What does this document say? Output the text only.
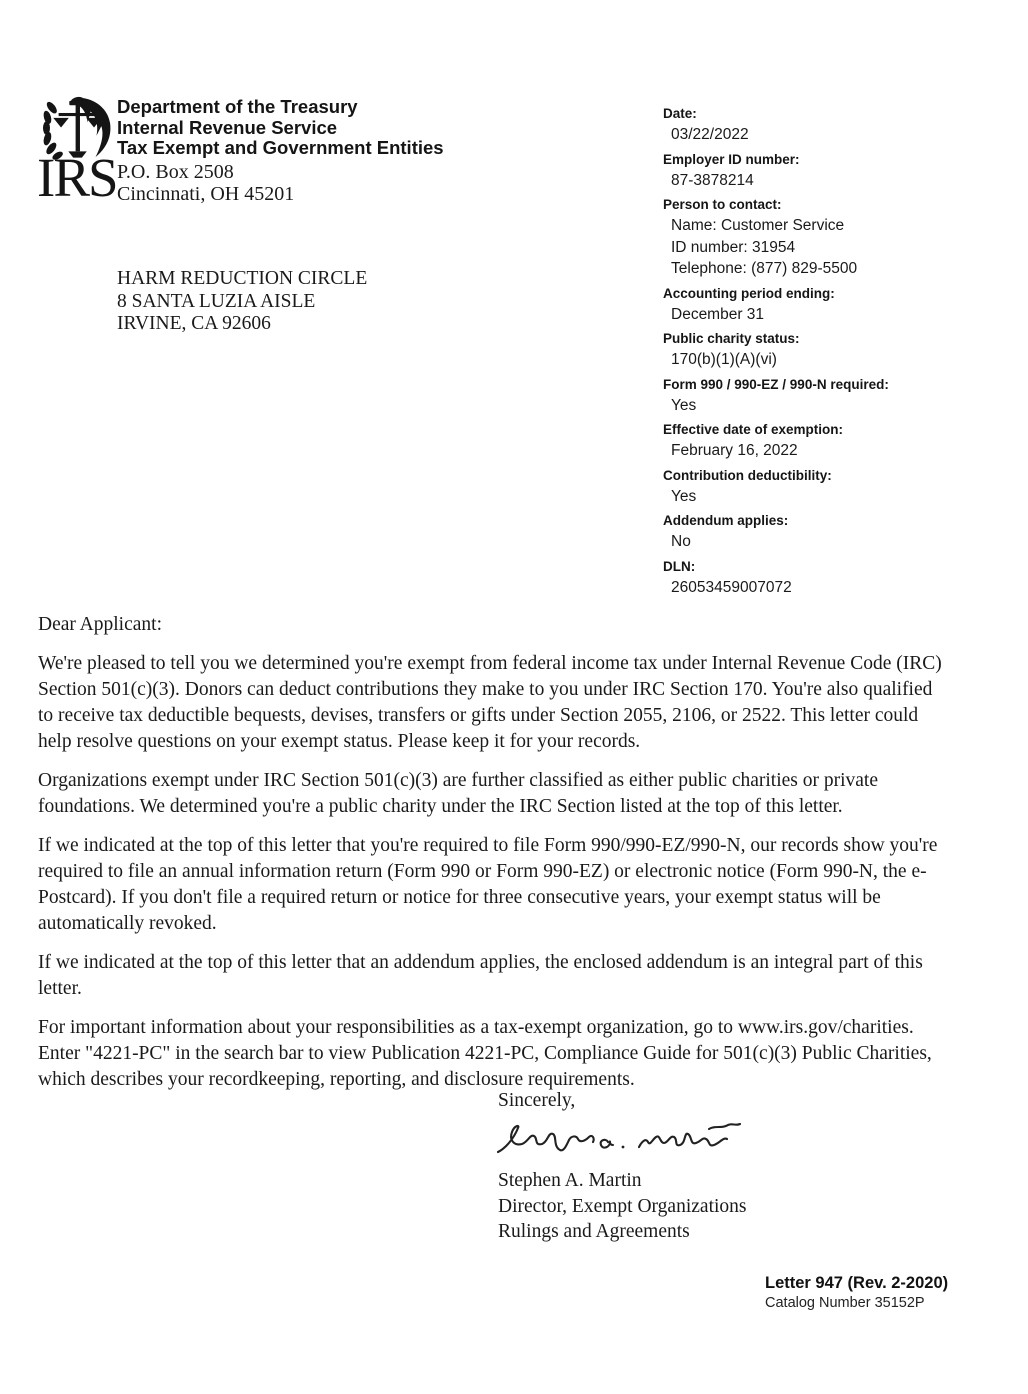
IRS
Department of the Treasury
Internal Revenue Service
Tax Exempt and Government Entities
P.O. Box 2508
Cincinnati, OH 45201
Date:
03/22/2022
Employer ID number:
87-3878214
Person to contact:
Name: Customer Service
ID number: 31954
Telephone: (877) 829-5500
Accounting period ending:
December 31
Public charity status:
170(b)(1)(A)(vi)
Form 990 / 990-EZ / 990-N required:
Yes
Effective date of exemption:
February 16, 2022
Contribution deductibility:
Yes
Addendum applies:
No
DLN:
26053459007072
HARM REDUCTION CIRCLE
8 SANTA LUZIA AISLE
IRVINE, CA 92606
Dear Applicant:

We're pleased to tell you we determined you're exempt from federal income tax under Internal Revenue Code (IRC) Section 501(c)(3). Donors can deduct contributions they make to you under IRC Section 170. You're also qualified to receive tax deductible bequests, devises, transfers or gifts under Section 2055, 2106, or 2522. This letter could help resolve questions on your exempt status. Please keep it for your records.

Organizations exempt under IRC Section 501(c)(3) are further classified as either public charities or private foundations. We determined you're a public charity under the IRC Section listed at the top of this letter.

If we indicated at the top of this letter that you're required to file Form 990/990-EZ/990-N, our records show you're required to file an annual information return (Form 990 or Form 990-EZ) or electronic notice (Form 990-N, the e-Postcard). If you don't file a required return or notice for three consecutive years, your exempt status will be automatically revoked.

If we indicated at the top of this letter that an addendum applies, the enclosed addendum is an integral part of this letter.

For important information about your responsibilities as a tax-exempt organization, go to www.irs.gov/charities. Enter "4221-PC" in the search bar to view Publication 4221-PC, Compliance Guide for 501(c)(3) Public Charities, which describes your recordkeeping, reporting, and disclosure requirements.

Sincerely,
Stephen A. Martin
Director, Exempt Organizations
Rulings and Agreements
Letter 947 (Rev. 2-2020)
Catalog Number 35152P
